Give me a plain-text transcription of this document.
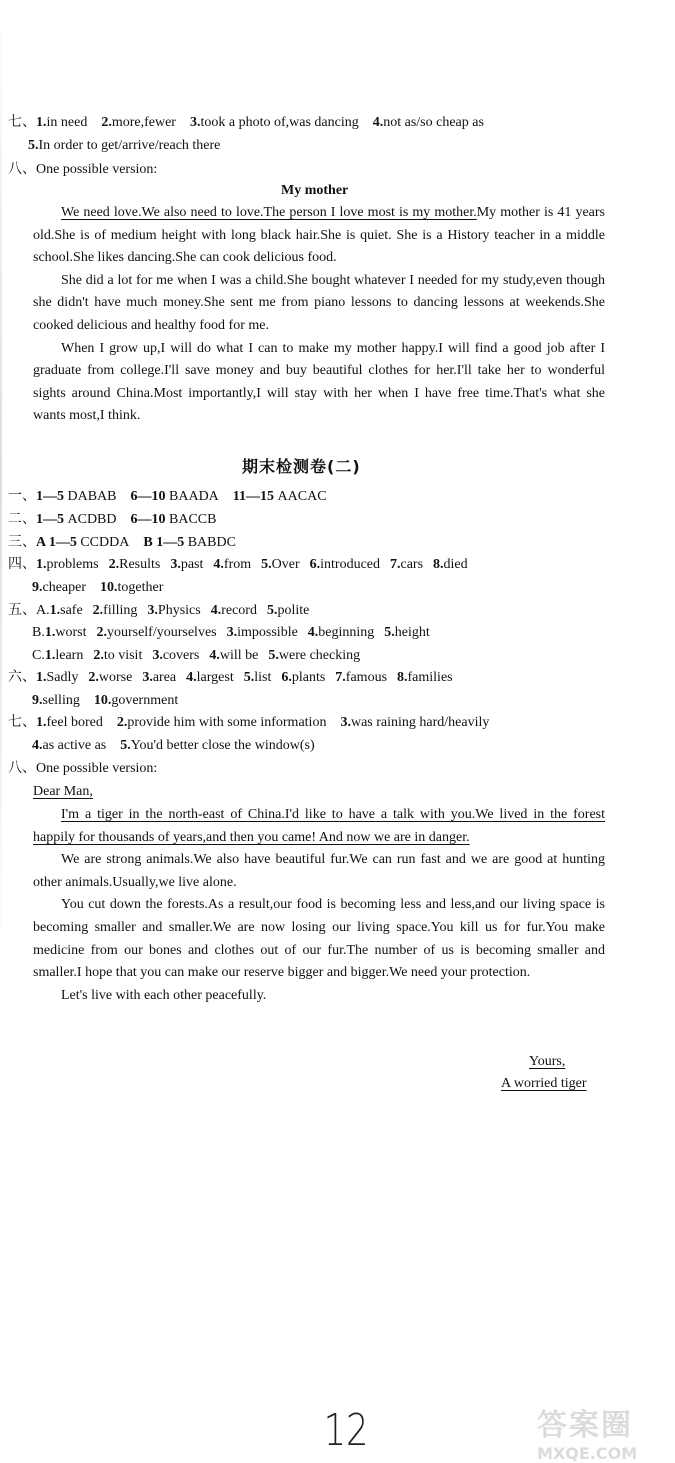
七、1.in need 2.more,fewer 3.took a photo of,was dancing 4.not as/so cheap as
5.In order to get/arrive/reach there
八、One possible version:
My mother

We need love.We also need to love.The person I love most is my mother.My mother is 41 years old.She is of medium height with long black hair.She is quiet. She is a History teacher in a middle school.She likes dancing.She can cook delicious food.

She did a lot for me when I was a child.She bought whatever I needed for my study,even though she didn't have much money.She sent me from piano lessons to dancing lessons at weekends.She cooked delicious and healthy food for me.

When I grow up,I will do what I can to make my mother happy.I will find a good job after I graduate from college.I'll save money and buy beautiful clothes for her.I'll take her to wonderful sights around China.Most importantly,I will stay with her when I have free time.That's what she wants most,I think.

期末检测卷(二)
一、1—5 DABAB 6—10 BAADA 11—15 AACAC
二、1—5 ACDBD 6—10 BACCB
三、A 1—5 CCDDA B 1—5 BABDC
四、1.problems 2.Results 3.past 4.from 5.Over 6.introduced 7.cars 8.died
9.cheaper 10.together
五、A.1.safe 2.filling 3.Physics 4.record 5.polite
B.1.worst 2.yourself/yourselves 3.impossible 4.beginning 5.height
C.1.learn 2.to visit 3.covers 4.will be 5.were checking
六、1.Sadly 2.worse 3.area 4.largest 5.list 6.plants 7.famous 8.families
9.selling 10.government
七、1.feel bored 2.provide him with some information 3.was raining hard/heavily
4.as active as 5.You'd better close the window(s)
八、One possible version:
Dear Man,

I'm a tiger in the north-east of China.I'd like to have a talk with you.We lived in the forest happily for thousands of years,and then you came! And now we are in danger.

We are strong animals.We also have beautiful fur.We can run fast and we are good at hunting other animals.Usually,we live alone.

You cut down the forests.As a result,our food is becoming less and less,and our living space is becoming smaller and smaller.We are now losing our living space.You kill us for fur.You make medicine from our bones and clothes out of our fur.The number of us is becoming smaller and smaller.I hope that you can make our reserve bigger and bigger.We need your protection.

Let's live with each other peacefully.

Yours,
A worried tiger
12	答案圈
MXQE.COM
